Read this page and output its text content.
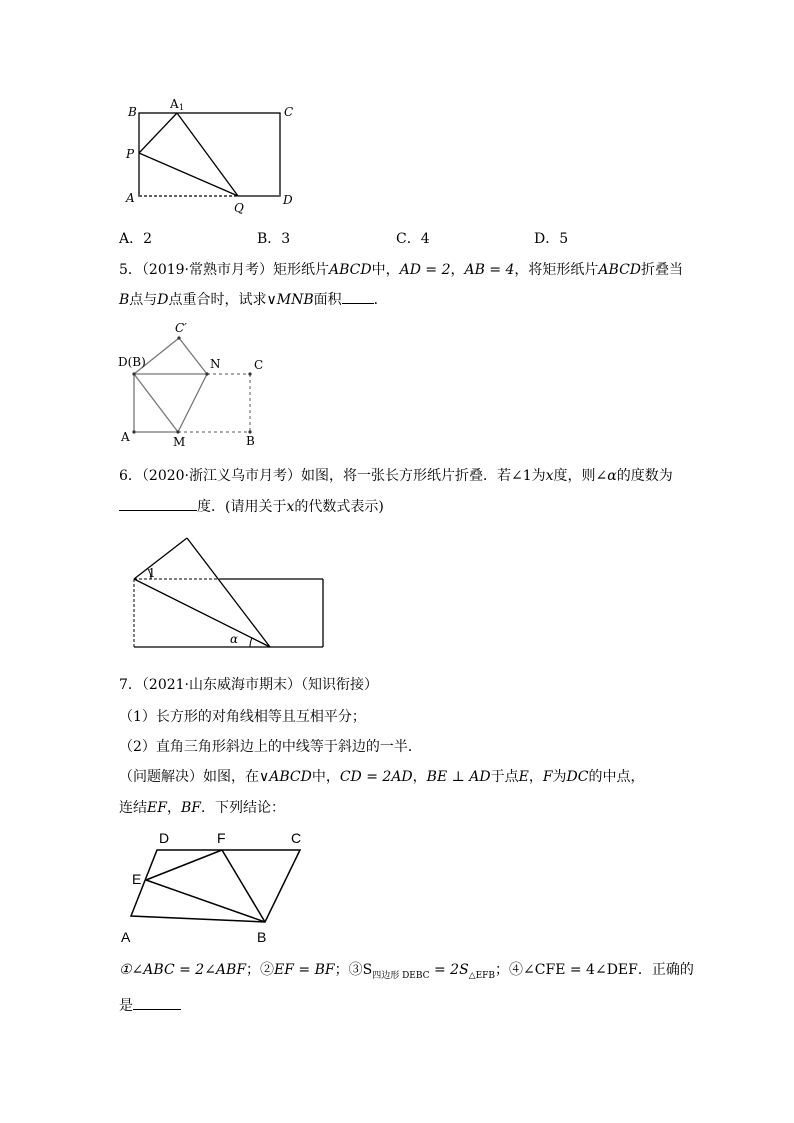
B
A 1	C
P
A
Q
D
A．2	B．3	C．4	D．5
5．（2019·常熟市月考）矩形纸片ABCD中，AD = 2，AB = 4，将矩形纸片ABCD折叠当
B点与D点重合时，试求∨MNB面积 ．
C′
D(B)	N	C
A	M	B
6．（2020·浙江义乌市月考）如图，将一张长方形纸片折叠．若∠1为x度，则∠α的度数为
度．(请用关于x的代数式表示)
1
α
7．（2021·山东威海市期末）（知识衔接）
（1）长方形的对角线相等且互相平分；
（2）直角三角形斜边上的中线等于斜边的一半．
（问题解决）如图，在∨ABCD中，CD = 2AD，BE ⊥ AD于点E，F为DC的中点，
连结EF，BF．下列结论：
D	F	C
E
A	B
①∠ABC = 2∠ABF；②EF = BF；$③S_{四边形 DEBC} = 2S_{\triangle EFB}$；④∠CFE = 4∠DEF．正确的
是
